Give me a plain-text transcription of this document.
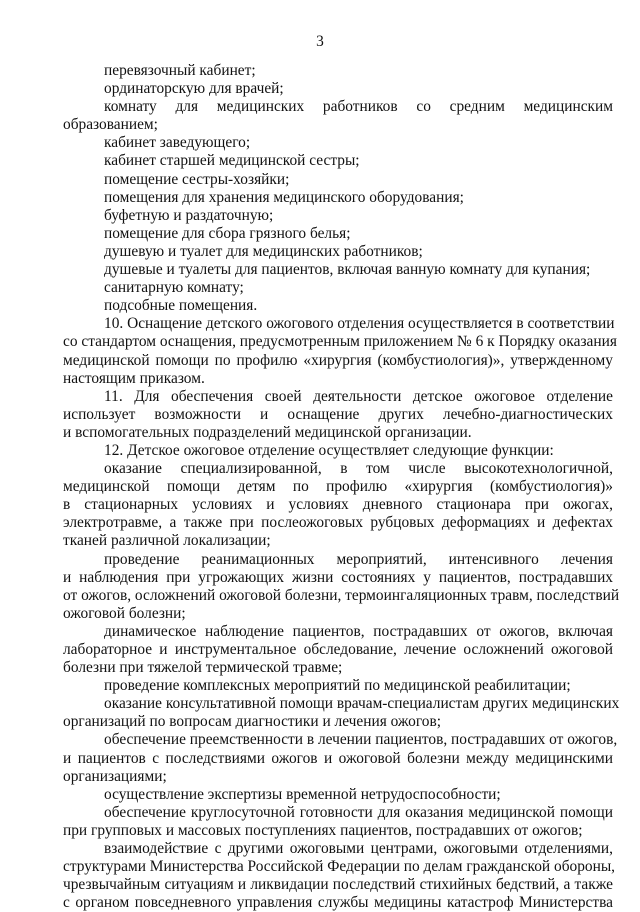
3
перевязочный кабинет;
ординаторскую для врачей;
комнату для медицинских работников со средним медицинским
образованием;
кабинет заведующего;
кабинет старшей медицинской сестры;
помещение сестры-хозяйки;
помещения для хранения медицинского оборудования;
буфетную и раздаточную;
помещение для сбора грязного белья;
душевую и туалет для медицинских работников;
душевые и туалеты для пациентов, включая ванную комнату для купания;
санитарную комнату;
подсобные помещения.
10. Оснащение детского ожогового отделения осуществляется в соответствии
со стандартом оснащения, предусмотренным приложением № 6 к Порядку оказания
медицинской помощи по профилю «хирургия (комбустиология)», утвержденному
настоящим приказом.
11. Для обеспечения своей деятельности детское ожоговое отделение
использует возможности и оснащение других лечебно-диагностических
и вспомогательных подразделений медицинской организации.
12. Детское ожоговое отделение осуществляет следующие функции:
оказание специализированной, в том числе высокотехнологичной,
медицинской помощи детям по профилю «хирургия (комбустиология)»
в стационарных условиях и условиях дневного стационара при ожогах,
электротравме, а также при послеожоговых рубцовых деформациях и дефектах
тканей различной локализации;
проведение реанимационных мероприятий, интенсивного лечения
и наблюдения при угрожающих жизни состояниях у пациентов, пострадавших
от ожогов, осложнений ожоговой болезни, термоингаляционных травм, последствий
ожоговой болезни;
динамическое наблюдение пациентов, пострадавших от ожогов, включая
лабораторное и инструментальное обследование, лечение осложнений ожоговой
болезни при тяжелой термической травме;
проведение комплексных мероприятий по медицинской реабилитации;
оказание консультативной помощи врачам-специалистам других медицинских
организаций по вопросам диагностики и лечения ожогов;
обеспечение преемственности в лечении пациентов, пострадавших от ожогов,
и пациентов с последствиями ожогов и ожоговой болезни между медицинскими
организациями;
осуществление экспертизы временной нетрудоспособности;
обеспечение круглосуточной готовности для оказания медицинской помощи
при групповых и массовых поступлениях пациентов, пострадавших от ожогов;
взаимодействие с другими ожоговыми центрами, ожоговыми отделениями,
структурами Министерства Российской Федерации по делам гражданской обороны,
чрезвычайным ситуациям и ликвидации последствий стихийных бедствий, а также
с органом повседневного управления службы медицины катастроф Министерства
